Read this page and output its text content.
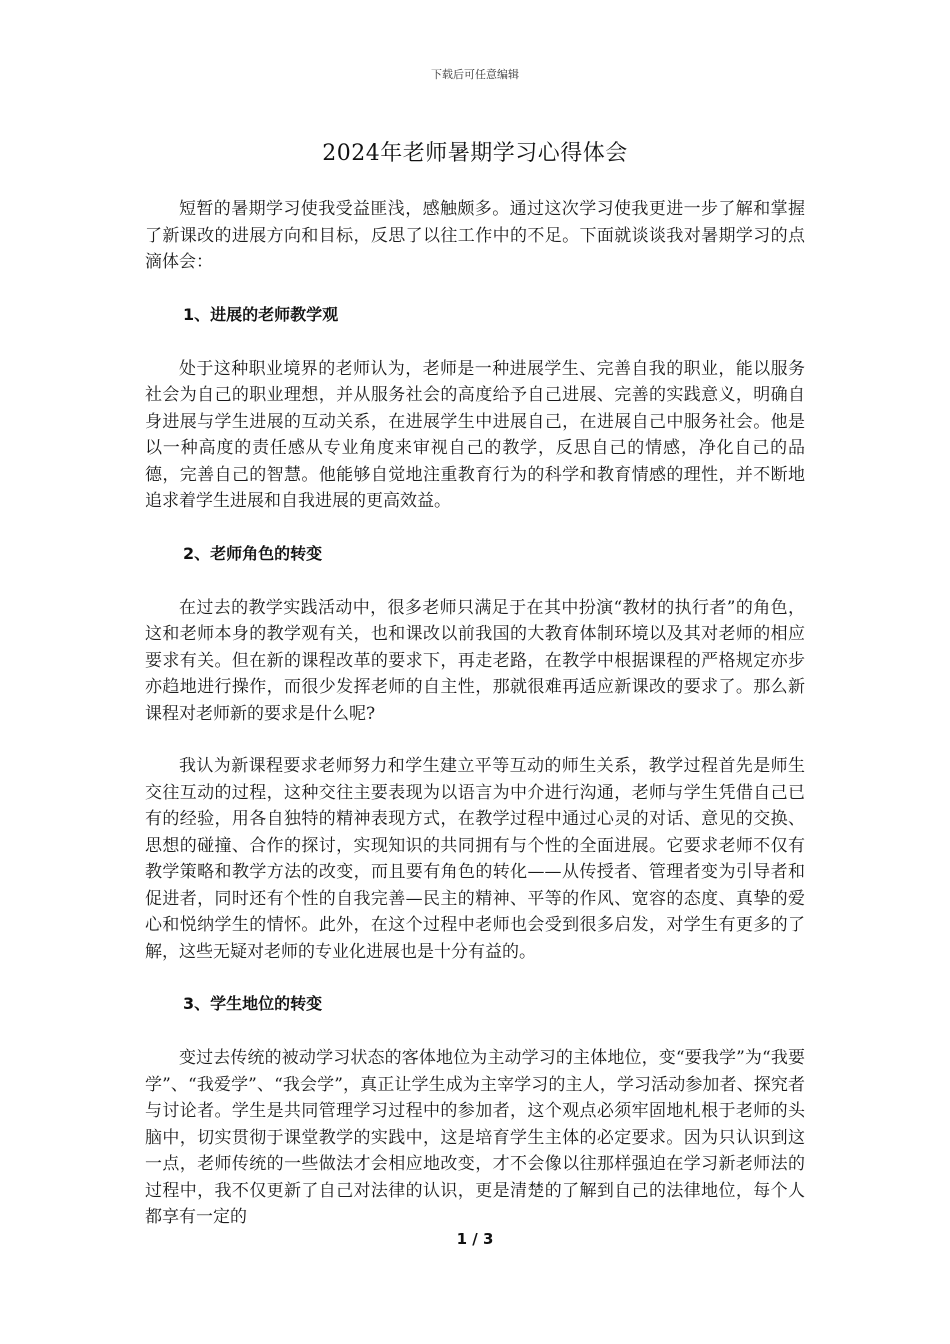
下载后可任意编辑
2024年老师暑期学习心得体会

短暂的暑期学习使我受益匪浅，感触颇多。通过这次学习使我更进一步了解和掌握了新课改的进展方向和目标，反思了以往工作中的不足。下面就谈谈我对暑期学习的点滴体会：

1、进展的老师教学观

处于这种职业境界的老师认为，老师是一种进展学生、完善自我的职业，能以服务社会为自己的职业理想，并从服务社会的高度给予自己进展、完善的实践意义，明确自身进展与学生进展的互动关系，在进展学生中进展自己，在进展自己中服务社会。他是以一种高度的责任感从专业角度来审视自己的教学，反思自己的情感，净化自己的品德，完善自己的智慧。他能够自觉地注重教育行为的科学和教育情感的理性，并不断地追求着学生进展和自我进展的更高效益。

2、老师角色的转变

在过去的教学实践活动中，很多老师只满足于在其中扮演“教材的执行者”的角色，这和老师本身的教学观有关，也和课改以前我国的大教育体制环境以及其对老师的相应要求有关。但在新的课程改革的要求下，再走老路，在教学中根据课程的严格规定亦步亦趋地进行操作，而很少发挥老师的自主性，那就很难再适应新课改的要求了。那么新课程对老师新的要求是什么呢?

我认为新课程要求老师努力和学生建立平等互动的师生关系，教学过程首先是师生交往互动的过程，这种交往主要表现为以语言为中介进行沟通，老师与学生凭借自己已有的经验，用各自独特的精神表现方式，在教学过程中通过心灵的对话、意见的交换、思想的碰撞、合作的探讨，实现知识的共同拥有与个性的全面进展。它要求老师不仅有教学策略和教学方法的改变，而且要有角色的转化——从传授者、管理者变为引导者和促进者，同时还有个性的自我完善—民主的精神、平等的作风、宽容的态度、真挚的爱心和悦纳学生的情怀。此外，在这个过程中老师也会受到很多启发，对学生有更多的了解，这些无疑对老师的专业化进展也是十分有益的。

3、学生地位的转变

变过去传统的被动学习状态的客体地位为主动学习的主体地位，变“要我学”为“我要学”、“我爱学”、“我会学”，真正让学生成为主宰学习的主人，学习活动参加者、探究者与讨论者。学生是共同管理学习过程中的参加者，这个观点必须牢固地札根于老师的头脑中，切实贯彻于课堂教学的实践中，这是培育学生主体的必定要求。因为只认识到这一点，老师传统的一些做法才会相应地改变，才不会像以往那样强迫在学习新老师法的过程中，我不仅更新了自己对法律的认识，更是清楚的了解到自己的法律地位，每个人都享有一定的

1 / 3
